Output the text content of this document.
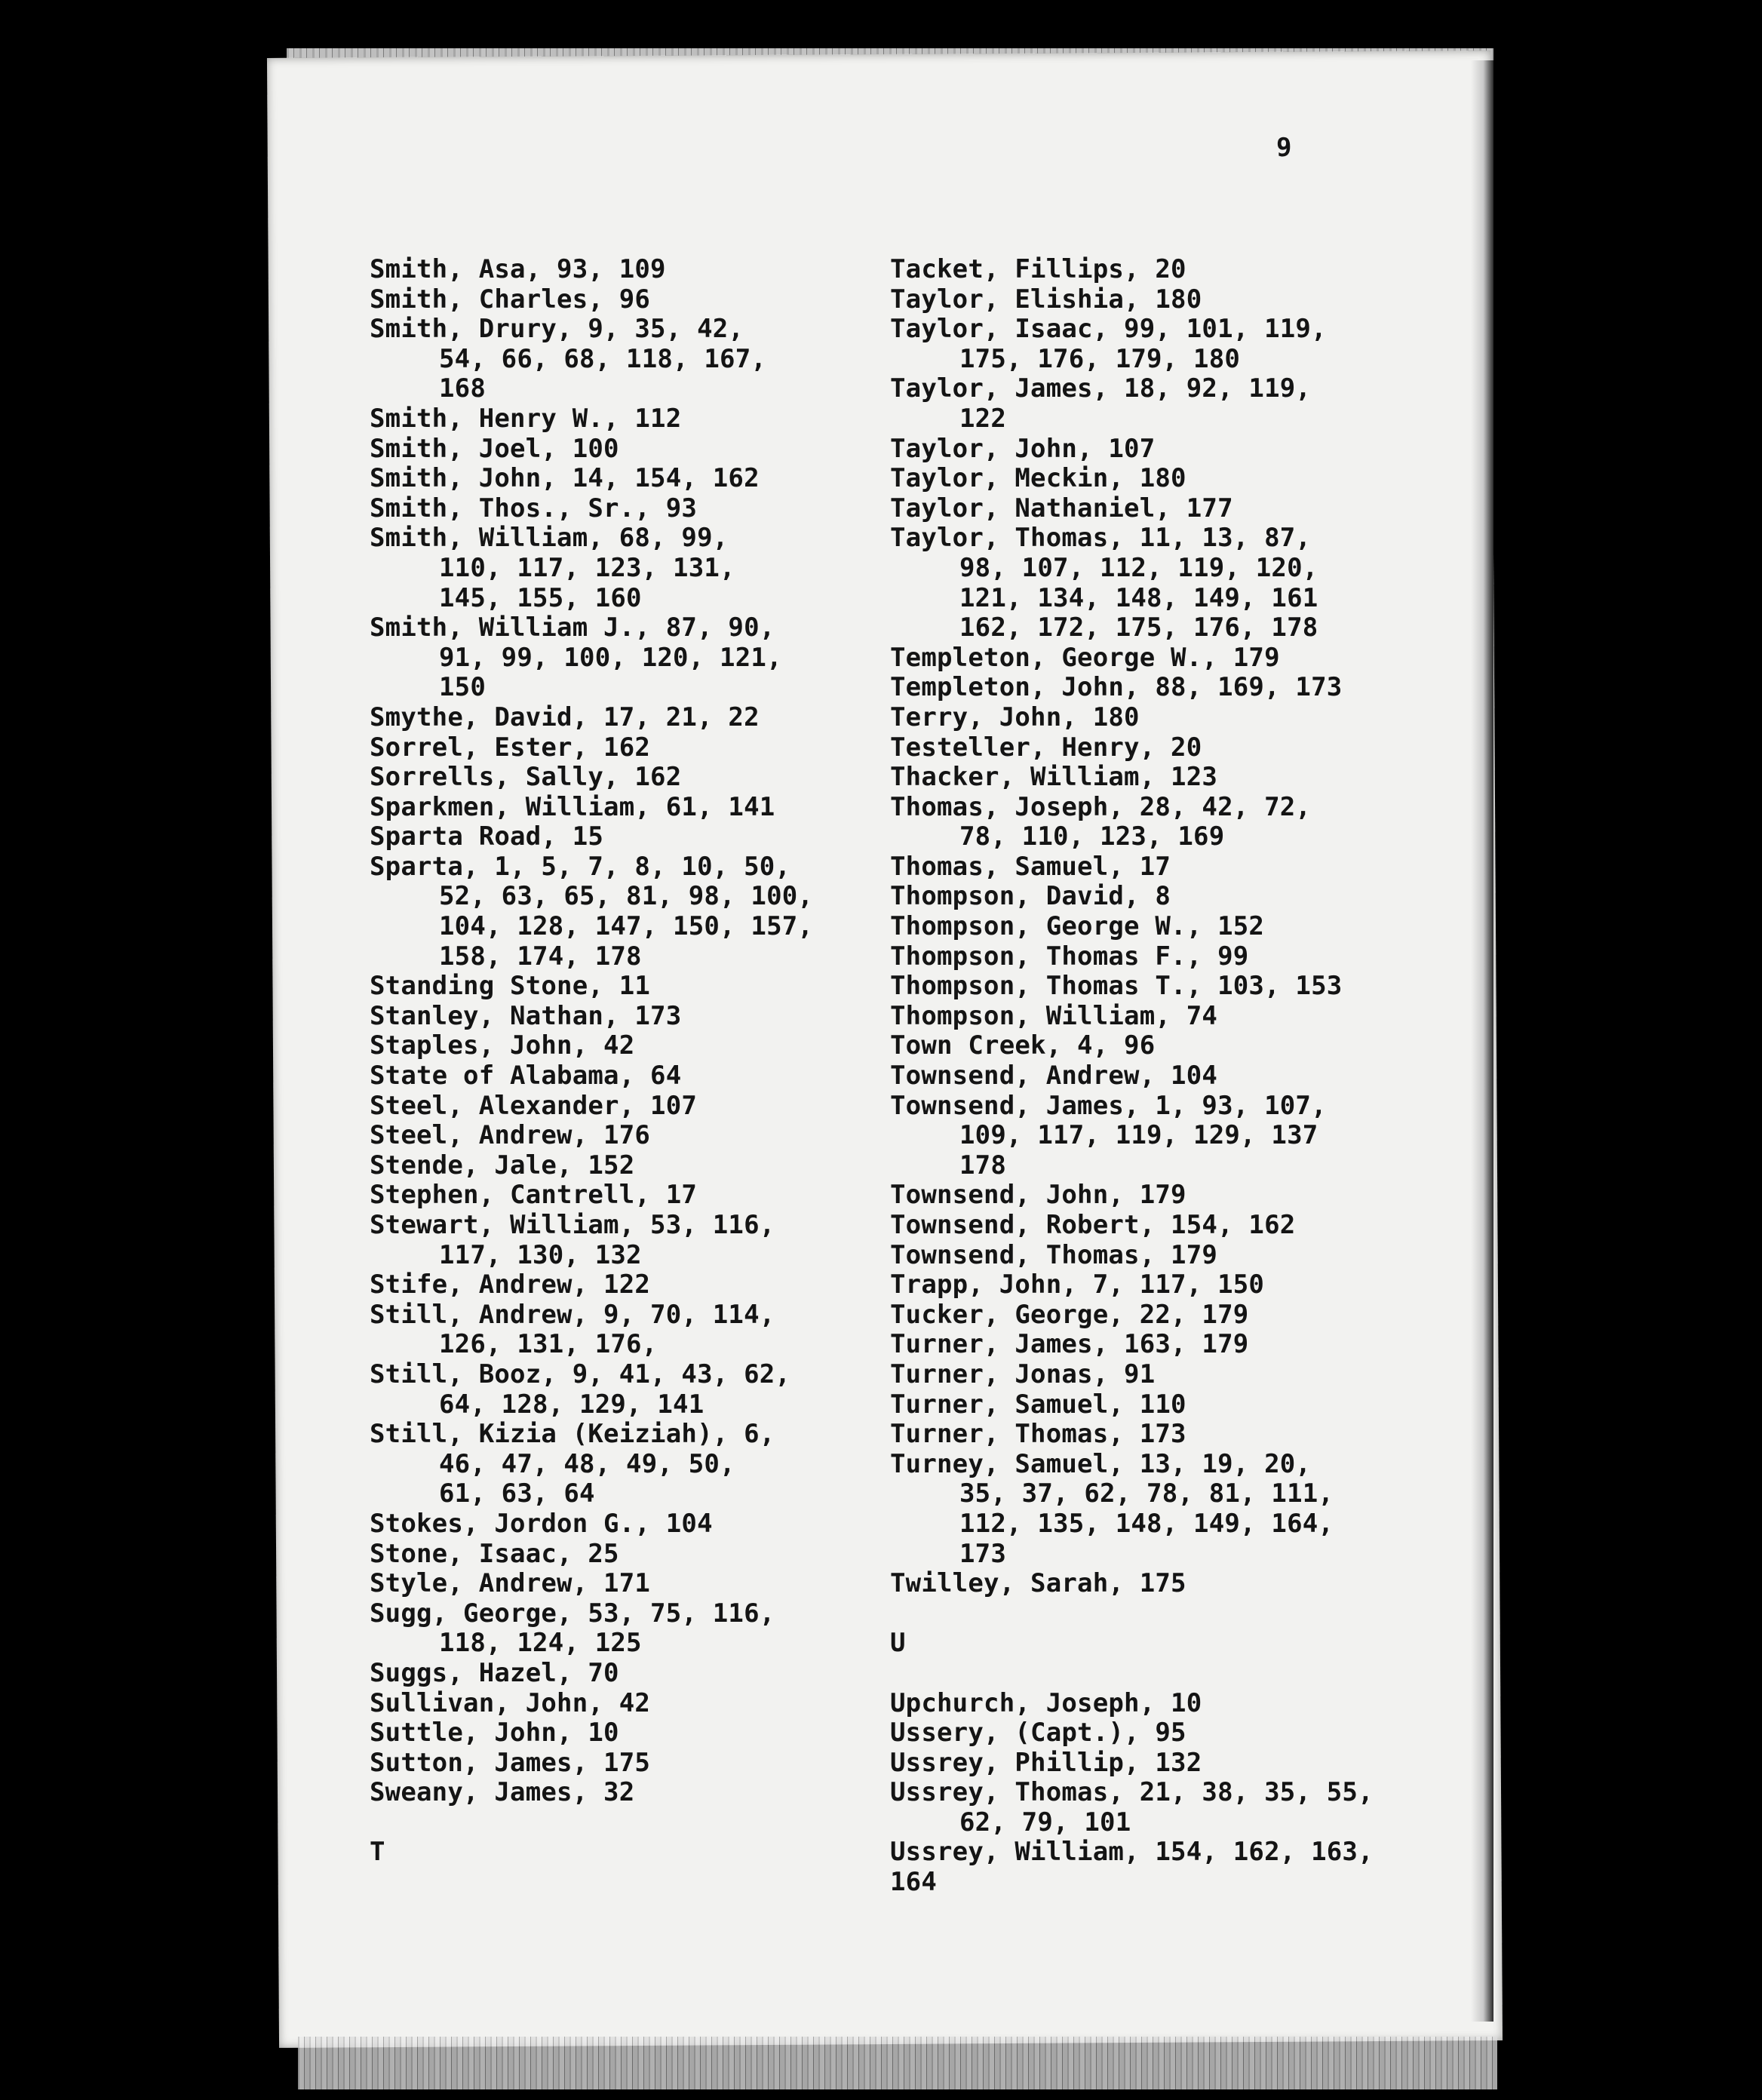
9
Smith, Asa, 93, 109
Smith, Charles, 96
Smith, Drury, 9, 35, 42,
54, 66, 68, 118, 167,
168
Smith, Henry W., 112
Smith, Joel, 100
Smith, John, 14, 154, 162
Smith, Thos., Sr., 93
Smith, William, 68, 99,
110, 117, 123, 131,
145, 155, 160
Smith, William J., 87, 90,
91, 99, 100, 120, 121,
150
Smythe, David, 17, 21, 22
Sorrel, Ester, 162
Sorrells, Sally, 162
Sparkmen, William, 61, 141
Sparta Road, 15
Sparta, 1, 5, 7, 8, 10, 50,
52, 63, 65, 81, 98, 100,
104, 128, 147, 150, 157,
158, 174, 178
Standing Stone, 11
Stanley, Nathan, 173
Staples, John, 42
State of Alabama, 64
Steel, Alexander, 107
Steel, Andrew, 176
Stende, Jale, 152
Stephen, Cantrell, 17
Stewart, William, 53, 116,
117, 130, 132
Stife, Andrew, 122
Still, Andrew, 9, 70, 114,
126, 131, 176,
Still, Booz, 9, 41, 43, 62,
64, 128, 129, 141
Still, Kizia (Keiziah), 6,
46, 47, 48, 49, 50,
61, 63, 64
Stokes, Jordon G., 104
Stone, Isaac, 25
Style, Andrew, 171
Sugg, George, 53, 75, 116,
118, 124, 125
Suggs, Hazel, 70
Sullivan, John, 42
Suttle, John, 10
Sutton, James, 175
Sweany, James, 32
T
Tacket, Fillips, 20
Taylor, Elishia, 180
Taylor, Isaac, 99, 101, 119,
175, 176, 179, 180
Taylor, James, 18, 92, 119,
122
Taylor, John, 107
Taylor, Meckin, 180
Taylor, Nathaniel, 177
Taylor, Thomas, 11, 13, 87,
98, 107, 112, 119, 120,
121, 134, 148, 149, 161
162, 172, 175, 176, 178
Templeton, George W., 179
Templeton, John, 88, 169, 173
Terry, John, 180
Testeller, Henry, 20
Thacker, William, 123
Thomas, Joseph, 28, 42, 72,
78, 110, 123, 169
Thomas, Samuel, 17
Thompson, David, 8
Thompson, George W., 152
Thompson, Thomas F., 99
Thompson, Thomas T., 103, 153
Thompson, William, 74
Town Creek, 4, 96
Townsend, Andrew, 104
Townsend, James, 1, 93, 107,
109, 117, 119, 129, 137
178
Townsend, John, 179
Townsend, Robert, 154, 162
Townsend, Thomas, 179
Trapp, John, 7, 117, 150
Tucker, George, 22, 179
Turner, James, 163, 179
Turner, Jonas, 91
Turner, Samuel, 110
Turner, Thomas, 173
Turney, Samuel, 13, 19, 20,
35, 37, 62, 78, 81, 111,
112, 135, 148, 149, 164,
173
Twilley, Sarah, 175
U
Upchurch, Joseph, 10
Ussery, (Capt.), 95
Ussrey, Phillip, 132
Ussrey, Thomas, 21, 38, 35, 55,
62, 79, 101
Ussrey, William, 154, 162, 163,
164
